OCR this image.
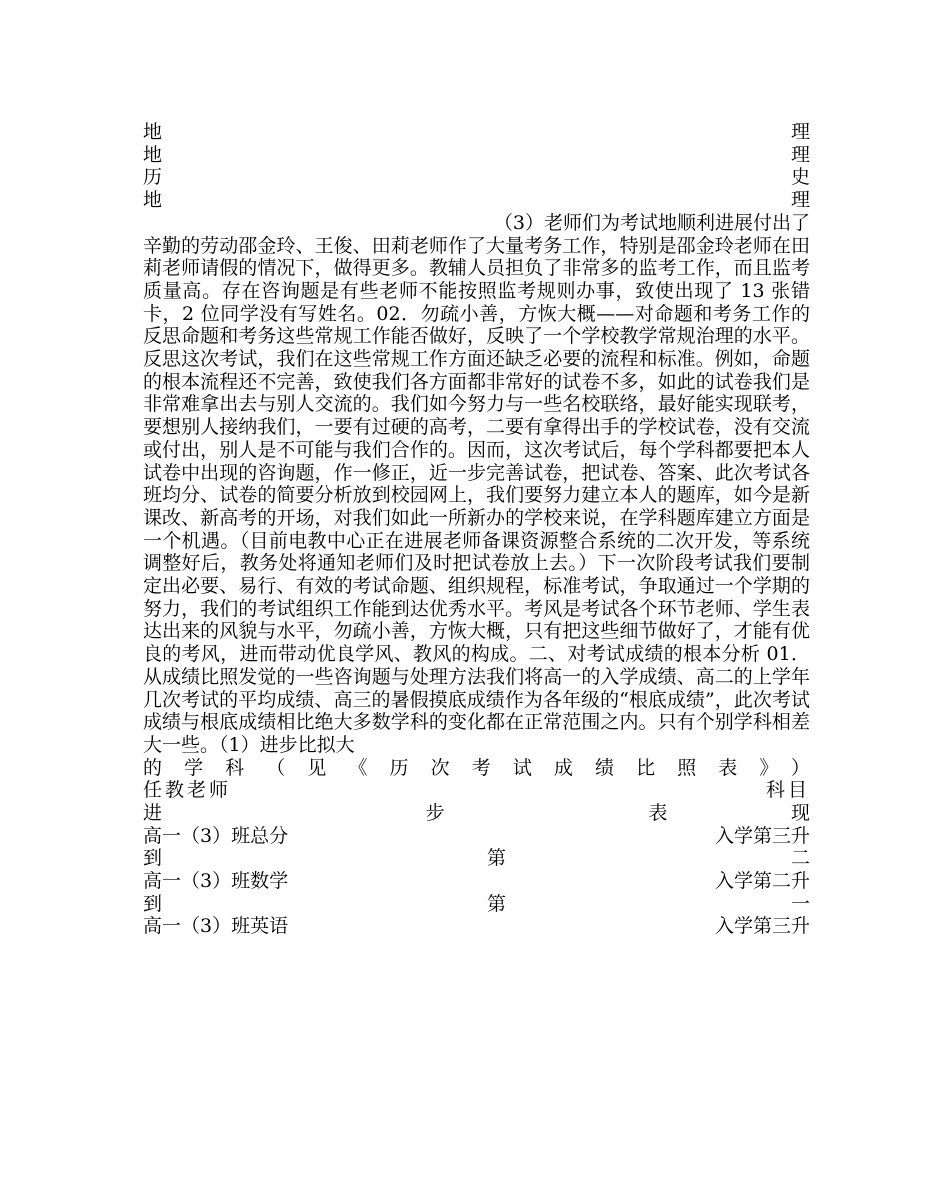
地	理
地	理
历	史
地	理
（3）老师们为考试地顺利进展付出了

辛勤的劳动邵金玲、王俊、田莉老师作了大量考务工作，特别是邵金玲老师在田莉老师请假的情况下，做得更多。教辅人员担负了非常多的监考工作，而且监考质量高。存在咨询题是有些老师不能按照监考规则办事，致使出现了 13 张错卡，2 位同学没有写姓名。02．勿疏小善，方恢大概——对命题和考务工作的反思命题和考务这些常规工作能否做好，反映了一个学校教学常规治理的水平。反思这次考试，我们在这些常规工作方面还缺乏必要的流程和标准。例如，命题的根本流程还不完善，致使我们各方面都非常好的试卷不多，如此的试卷我们是非常难拿出去与别人交流的。我们如今努力与一些名校联络，最好能实现联考，要想别人接纳我们，一要有过硬的高考，二要有拿得出手的学校试卷，没有交流或付出，别人是不可能与我们合作的。因而，这次考试后，每个学科都要把本人试卷中出现的咨询题，作一修正，近一步完善试卷，把试卷、答案、此次考试各班均分、试卷的简要分析放到校园网上，我们要努力建立本人的题库，如今是新课改、新高考的开场，对我们如此一所新办的学校来说，在学科题库建立方面是一个机遇。（目前电教中心正在进展老师备课资源整合系统的二次开发，等系统调整好后，教务处将通知老师们及时把试卷放上去。）下一次阶段考试我们要制定出必要、易行、有效的考试命题、组织规程，标准考试，争取通过一个学期的努力，我们的考试组织工作能到达优秀水平。考风是考试各个环节老师、学生表达出来的风貌与水平，勿疏小善，方恢大概，只有把这些细节做好了，才能有优良的考风，进而带动优良学风、教风的构成。二、对考试成绩的根本分析 01．从成绩比照发觉的一些咨询题与处理方法我们将高一的入学成绩、高二的上学年几次考试的平均成绩、高三的暑假摸底成绩作为各年级的“根底成绩”，此次考试成绩与根底成绩相比绝大多数学科的变化都在正常范围之内。只有个别学科相差大一些。（1）进步比拟大

的学科（见《历次考试成绩比照表》）
任教老师	科目
进	步	表	现
高一（3）班总分	入学第三升
到	第	二
高一（3）班数学	入学第二升
到	第	一
高一（3）班英语	入学第三升
